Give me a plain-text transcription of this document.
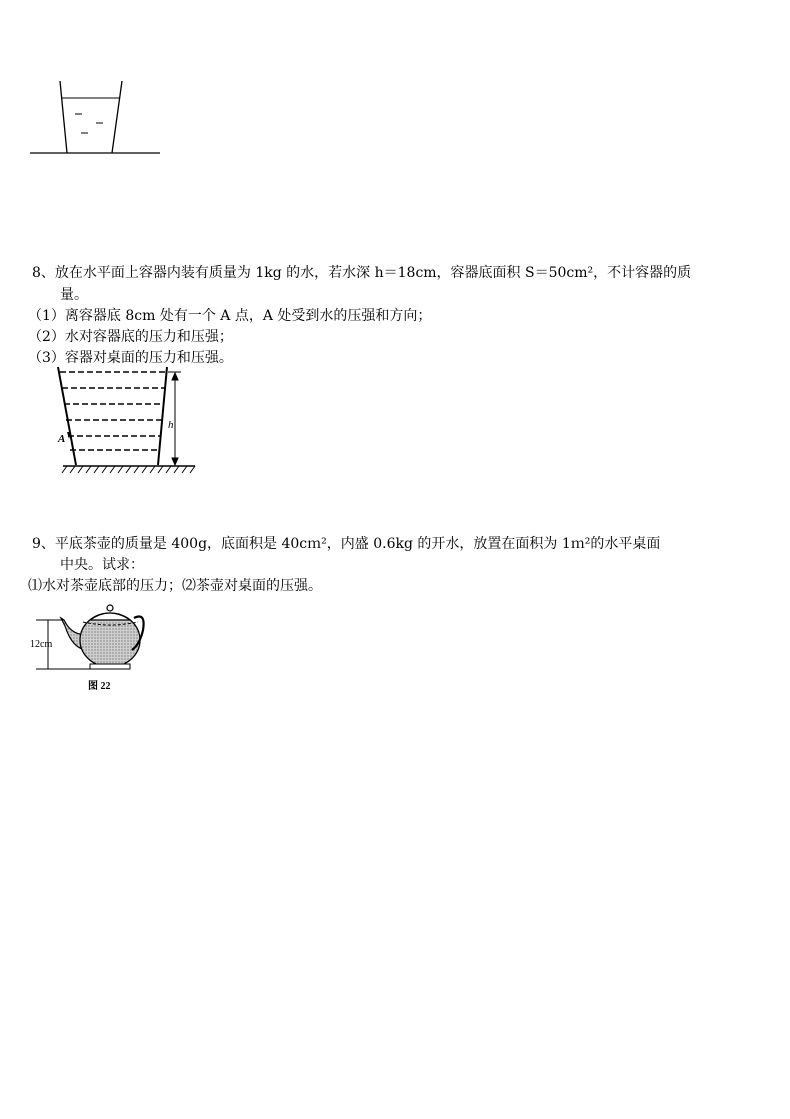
8、放在水平面上容器内装有质量为 1kg 的水，若水深 h＝18cm，容器底面积 S＝50cm²，不计容器的质
量。
（1）离容器底 8cm 处有一个 A 点，A 处受到水的压强和方向；
（2）水对容器底的压力和压强；
（3）容器对桌面的压力和压强。
A
h
9、平底茶壶的质量是 400g，底面积是 40cｍ²，内盛 0.6kg 的开水，放置在面积为 1ｍ²的水平桌面
中央。试求：
⑴水对茶壶底部的压力；⑵茶壶对桌面的压强。
12cm
图 22
